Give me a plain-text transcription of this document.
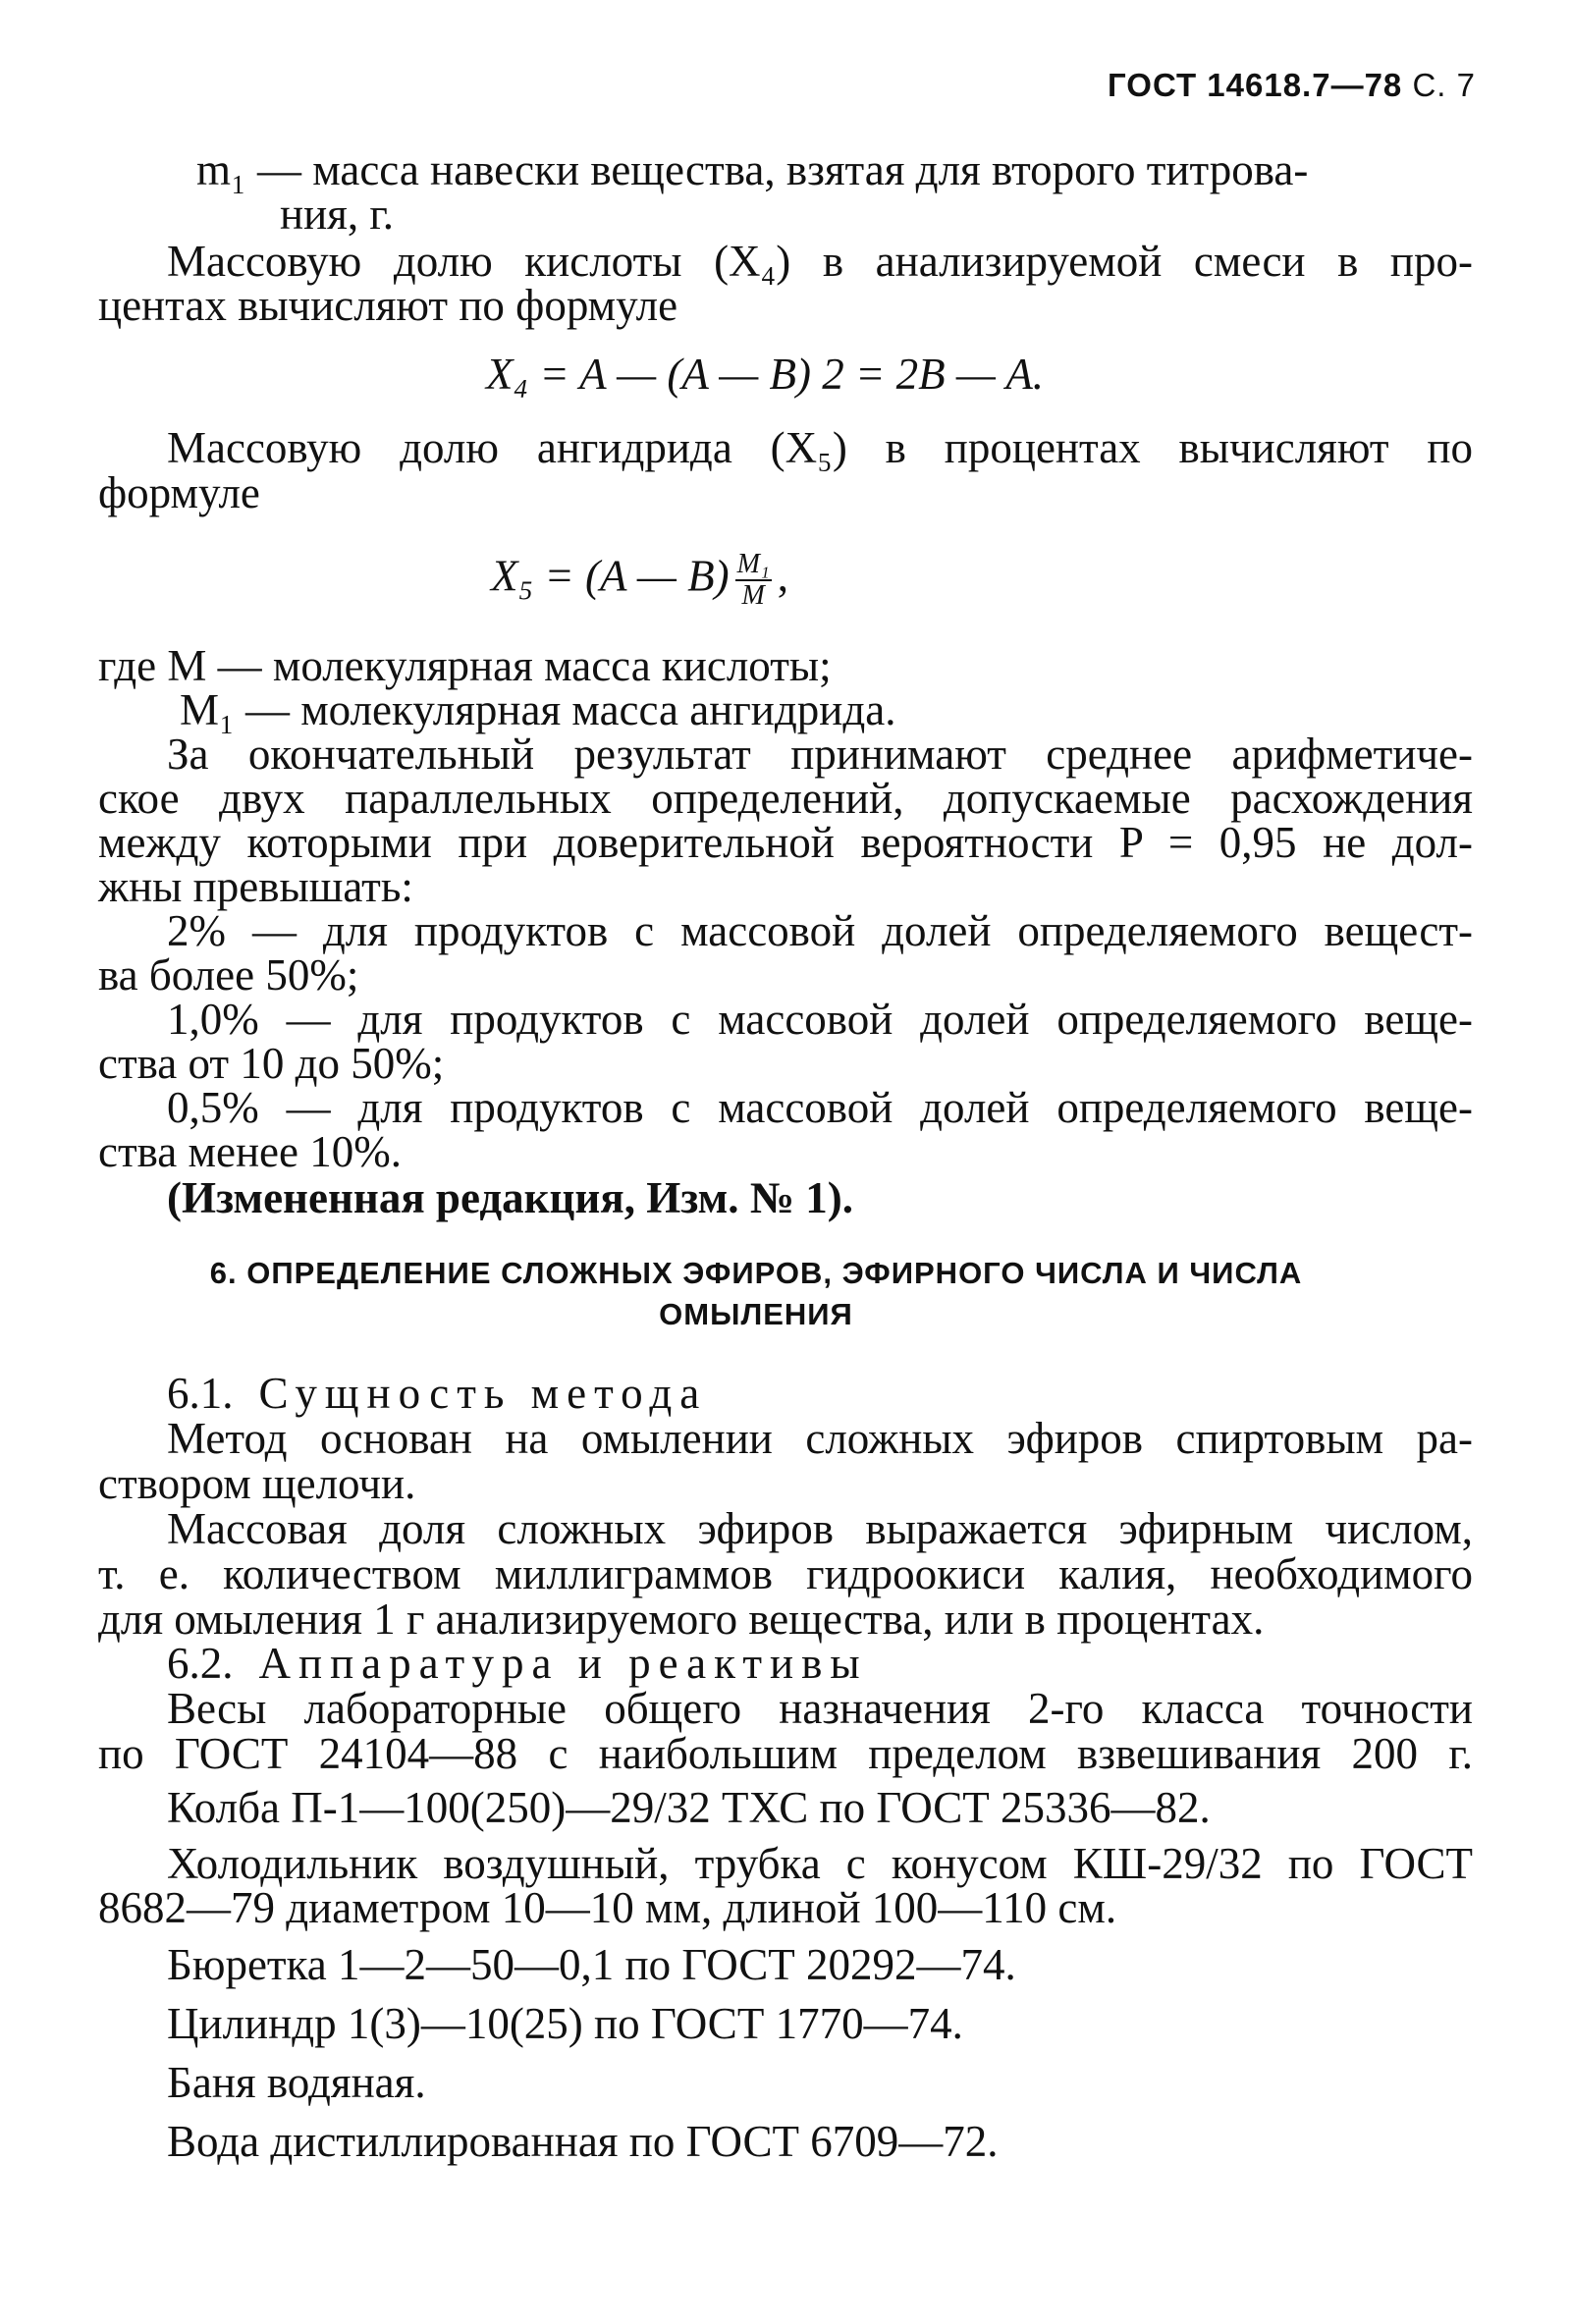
ГОСТ 14618.7—78 С. 7
m₁ — масса навески вещества, взятая для второго титрова-
ния, г.
Массовую долю кислоты (X₄) в анализируемой смеси в про-
центах вычисляют по формуле
X₄ = A — (A — B) 2 = 2B — A.
Массовую долю ангидрида (X₅) в процентах вычисляют по
формуле
X₅ = (A — $B) \frac{\text{M₁}}{M}$ ,
где M — молекулярная масса кислоты;
M₁ — молекулярная масса ангидрида.
За окончательный результат принимают среднее арифметиче-
ское двух параллельных определений, допускаемые расхождения
между которыми при доверительной вероятности P = 0,95 не дол-
жны превышать:
2% — для продуктов с массовой долей определяемого вещест-
ва более 50%;
1,0% — для продуктов с массовой долей определяемого веще-
ства от 10 до 50%;
0,5% — для продуктов с массовой долей определяемого веще-
ства менее 10%.
(Измененная редакция, Изм. № 1).
6. ОПРЕДЕЛЕНИЕ СЛОЖНЫХ ЭФИРОВ, ЭФИРНОГО ЧИСЛА И ЧИСЛА
ОМЫЛЕНИЯ
6.1. Сущность метода
Метод основан на омылении сложных эфиров спиртовым ра-
створом щелочи.
Массовая доля сложных эфиров выражается эфирным числом,
т. е. количеством миллиграммов гидроокиси калия, необходимого
для омыления 1 г анализируемого вещества, или в процентах.
6.2. Аппаратура и реактивы
Весы лабораторные общего назначения 2-го класса точности
по ГОСТ 24104—88 с наибольшим пределом взвешивания 200 г.
Колба П-1—100(250)—29/32 ТХС по ГОСТ 25336—82.
Холодильник воздушный, трубка с конусом КШ-29/32 по ГОСТ
8682—79 диаметром 10—10 мм, длиной 100—110 см.
Бюретка 1—2—50—0,1 по ГОСТ 20292—74.
Цилиндр 1(3)—10(25) по ГОСТ 1770—74.
Баня водяная.
Вода дистиллированная по ГОСТ 6709—72.
